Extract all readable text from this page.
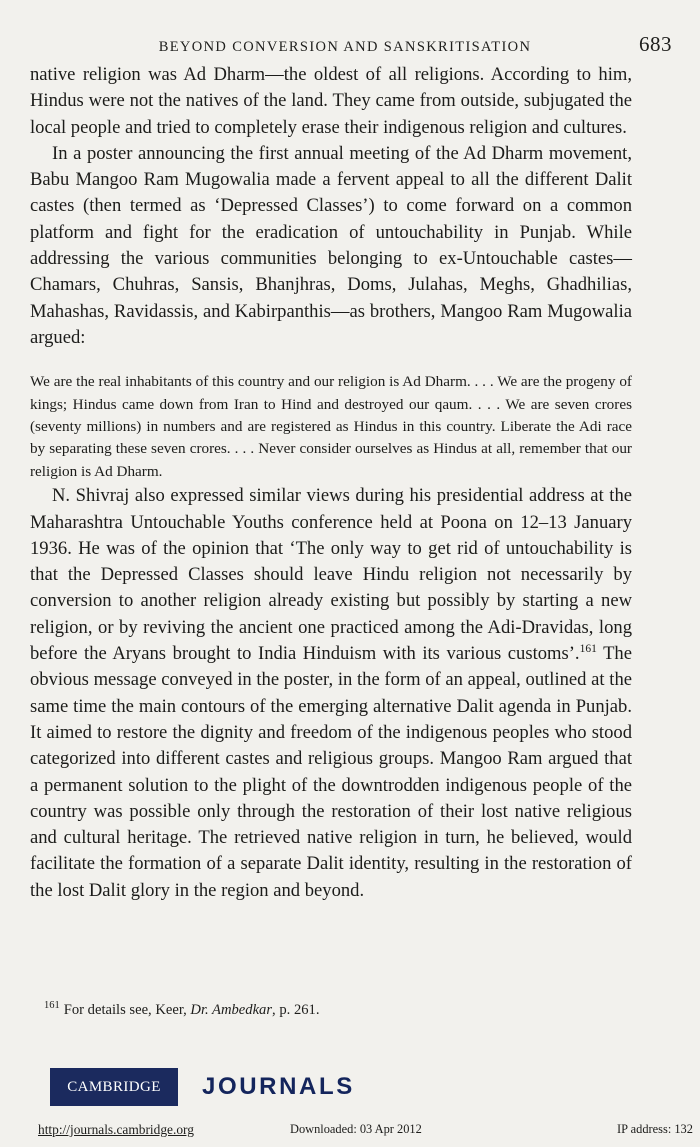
BEYOND CONVERSION AND SANSKRITISATION	683

native religion was Ad Dharm—the oldest of all religions. According to him, Hindus were not the natives of the land. They came from outside, subjugated the local people and tried to completely erase their indigenous religion and cultures.

In a poster announcing the first annual meeting of the Ad Dharm movement, Babu Mangoo Ram Mugowalia made a fervent appeal to all the different Dalit castes (then termed as ‘Depressed Classes’) to come forward on a common platform and fight for the eradication of untouchability in Punjab. While addressing the various communities belonging to ex-Untouchable castes—Chamars, Chuhras, Sansis, Bhanjhras, Doms, Julahas, Meghs, Ghadhilias, Mahashas, Ravidassis, and Kabirpanthis—as brothers, Mangoo Ram Mugowalia argued:

We are the real inhabitants of this country and our religion is Ad Dharm. . . . We are the progeny of kings; Hindus came down from Iran to Hind and destroyed our qaum. . . . We are seven crores (seventy millions) in numbers and are registered as Hindus in this country. Liberate the Adi race by separating these seven crores. . . . Never consider ourselves as Hindus at all, remember that our religion is Ad Dharm.

N. Shivraj also expressed similar views during his presidential address at the Maharashtra Untouchable Youths conference held at Poona on 12–13 January 1936. He was of the opinion that ‘The only way to get rid of untouchability is that the Depressed Classes should leave Hindu religion not necessarily by conversion to another religion already existing but possibly by starting a new religion, or by reviving the ancient one practiced among the Adi-Dravidas, long before the Aryans brought to India Hinduism with its various customs’.$^{161}$ The obvious message conveyed in the poster, in the form of an appeal, outlined at the same time the main contours of the emerging alternative Dalit agenda in Punjab. It aimed to restore the dignity and freedom of the indigenous peoples who stood categorized into different castes and religious groups. Mangoo Ram argued that a permanent solution to the plight of the downtrodden indigenous people of the country was possible only through the restoration of their lost native religious and cultural heritage. The retrieved native religion in turn, he believed, would facilitate the formation of a separate Dalit identity, resulting in the restoration of the lost Dalit glory in the region and beyond.

$^{161}$ For details see, Keer, Dr. Ambedkar, p. 261.
CAMBRIDGE JOURNALS
http://journals.cambridge.org	Downloaded: 03 Apr 2012	IP address: 132
